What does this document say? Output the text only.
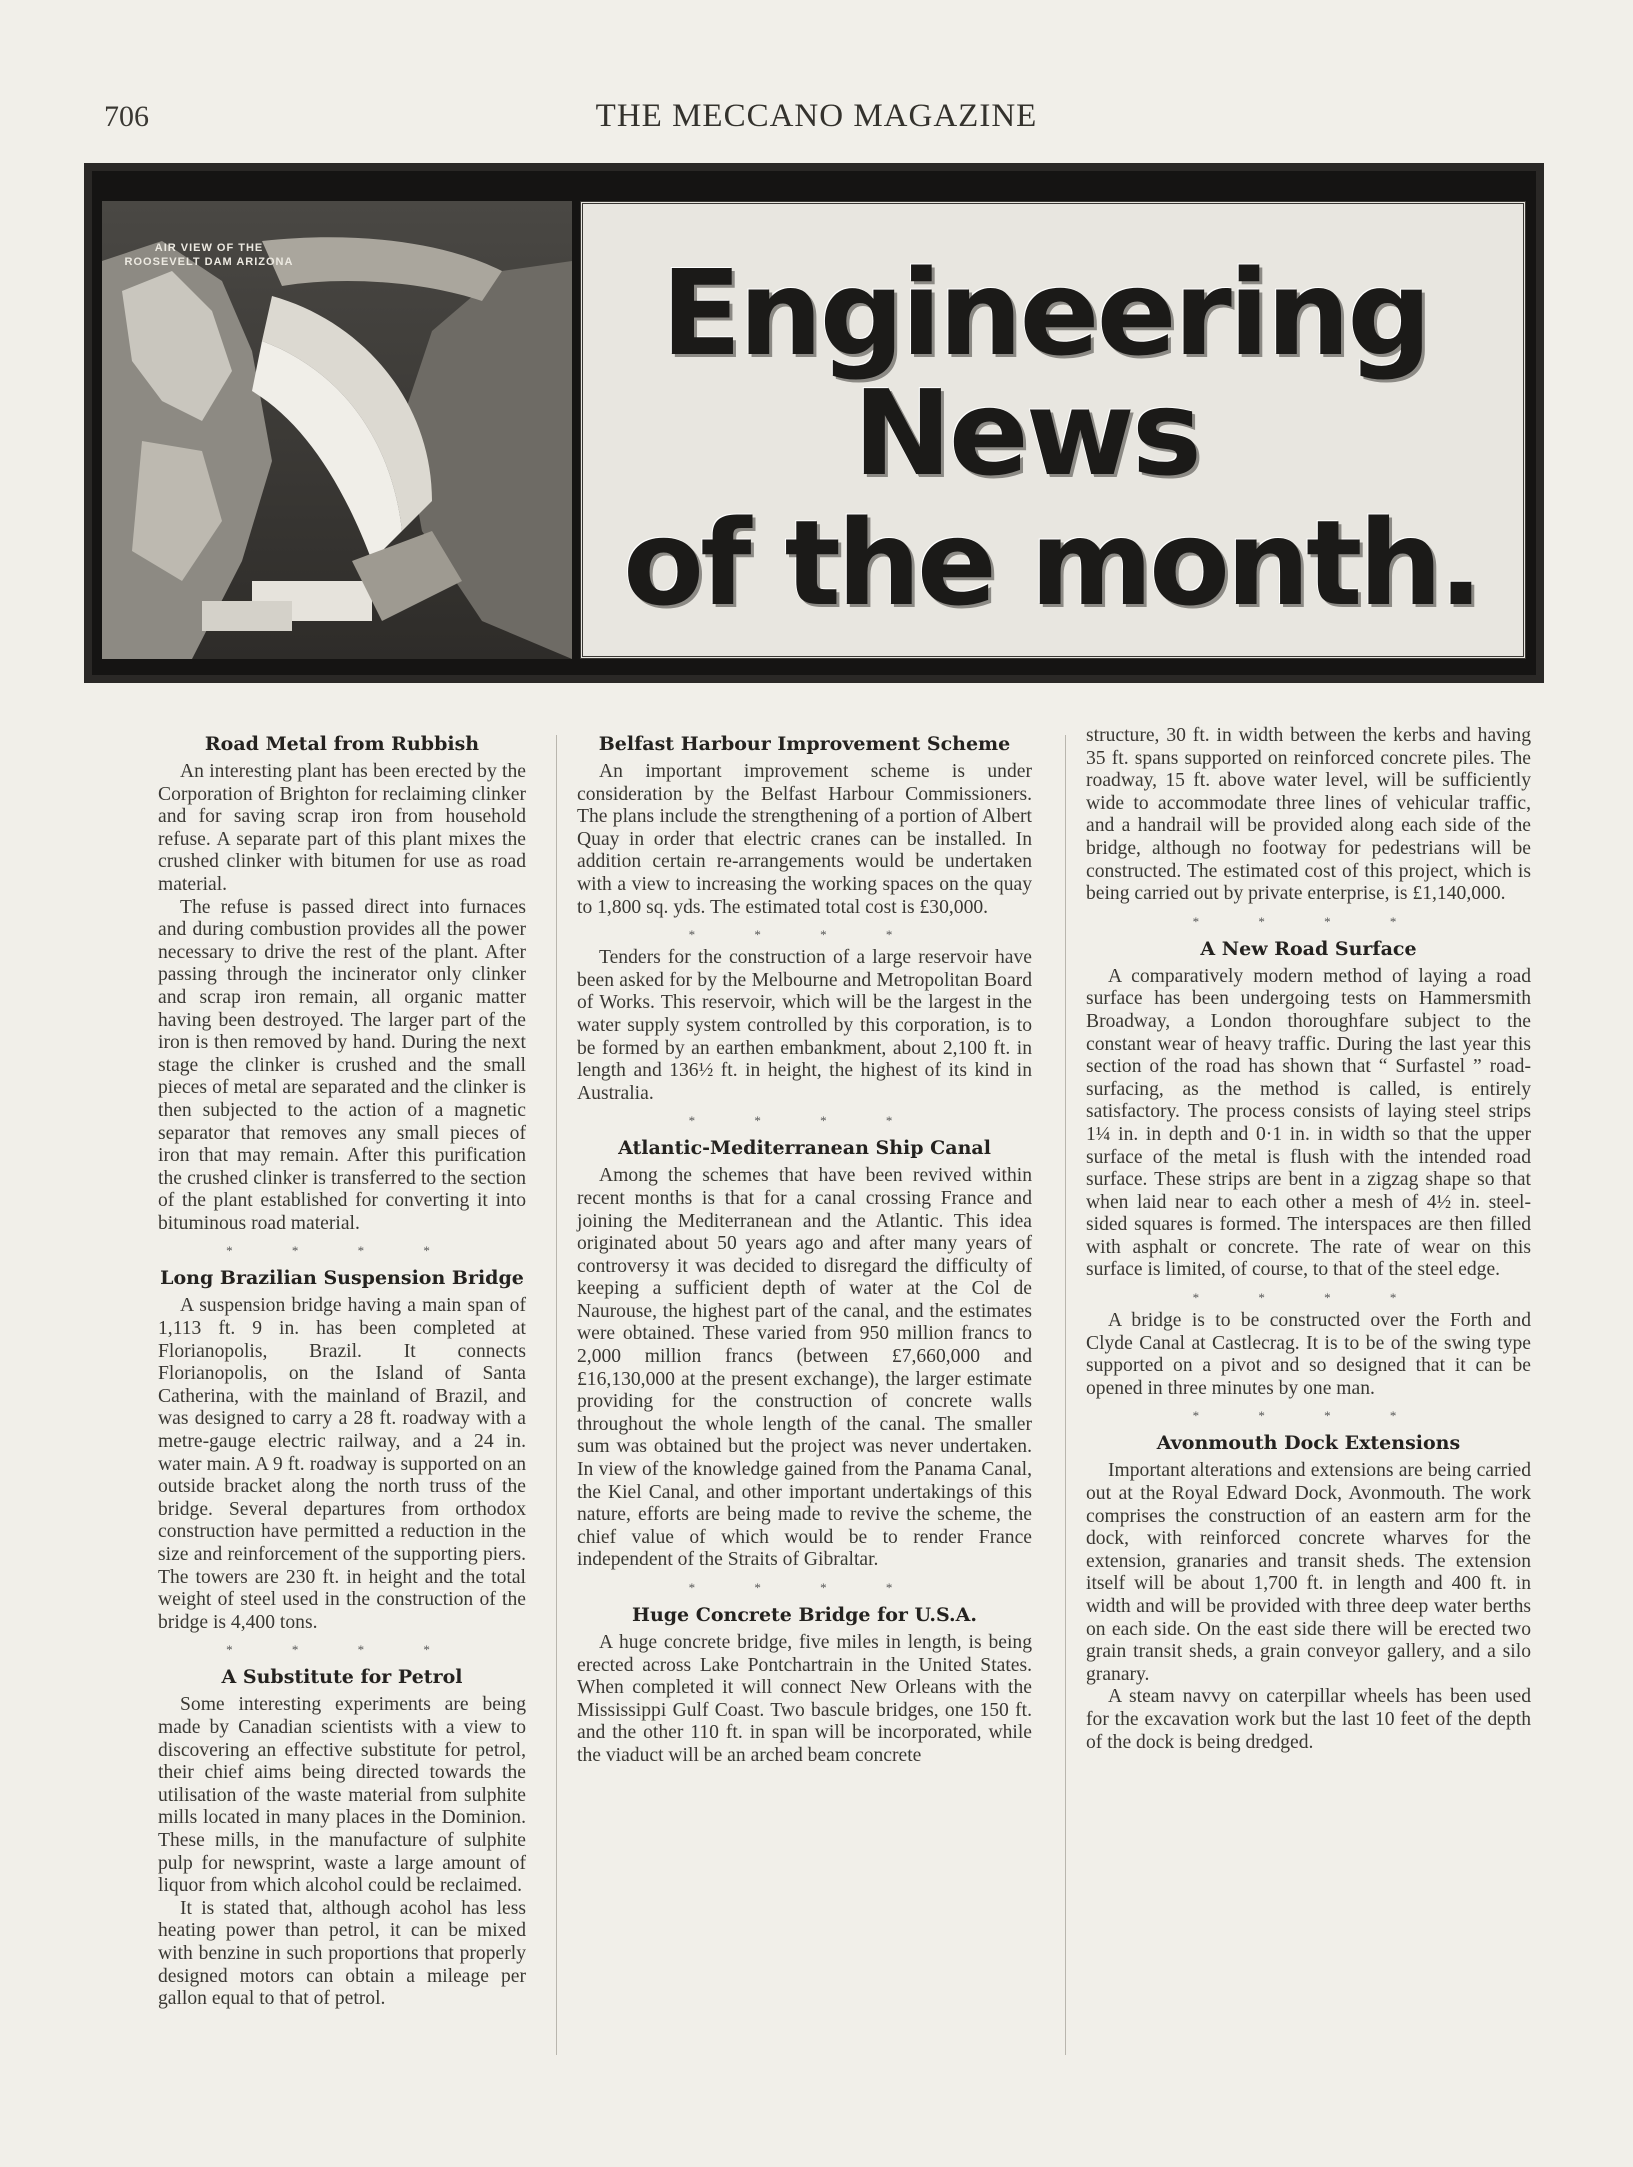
706	THE MECCANO MAGAZINE
AIR VIEW OF THE ROOSEVELT DAM ARIZONA	Engineering
News
of the month.
Road Metal from Rubbish

An interesting plant has been erected by the Corporation of Brighton for reclaiming clinker and for saving scrap iron from household refuse. A separate part of this plant mixes the crushed clinker with bitumen for use as road material.

The refuse is passed direct into furnaces and during combustion provides all the power necessary to drive the rest of the plant. After passing through the incinerator only clinker and scrap iron remain, all organic matter having been destroyed. The larger part of the iron is then removed by hand. During the next stage the clinker is crushed and the small pieces of metal are separated and the clinker is then subjected to the action of a magnetic separator that removes any small pieces of iron that may remain. After this purification the crushed clinker is transferred to the section of the plant established for converting it into bituminous road material.

* * * *
Long Brazilian Suspension Bridge

A suspension bridge having a main span of 1,113 ft. 9 in. has been completed at Florianopolis, Brazil. It connects Florianopolis, on the Island of Santa Catherina, with the mainland of Brazil, and was designed to carry a 28 ft. roadway with a metre-gauge electric railway, and a 24 in. water main. A 9 ft. roadway is supported on an outside bracket along the north truss of the bridge. Several departures from orthodox construction have permitted a reduction in the size and reinforcement of the supporting piers. The towers are 230 ft. in height and the total weight of steel used in the construction of the bridge is 4,400 tons.

* * * *
A Substitute for Petrol

Some interesting experiments are being made by Canadian scientists with a view to discovering an effective substitute for petrol, their chief aims being directed towards the utilisation of the waste material from sulphite mills located in many places in the Dominion. These mills, in the manufacture of sulphite pulp for newsprint, waste a large amount of liquor from which alcohol could be reclaimed.

It is stated that, although acohol has less heating power than petrol, it can be mixed with benzine in such proportions that properly designed motors can obtain a mileage per gallon equal to that of petrol.

Belfast Harbour Improvement Scheme

An important improvement scheme is under consideration by the Belfast Harbour Commissioners. The plans include the strengthening of a portion of Albert Quay in order that electric cranes can be installed. In addition certain re-arrangements would be undertaken with a view to increasing the working spaces on the quay to 1,800 sq. yds. The estimated total cost is £30,000.

* * * *

Tenders for the construction of a large reservoir have been asked for by the Melbourne and Metropolitan Board of Works. This reservoir, which will be the largest in the water supply system controlled by this corporation, is to be formed by an earthen embankment, about 2,100 ft. in length and 136½ ft. in height, the highest of its kind in Australia.

* * * *
Atlantic-Mediterranean Ship Canal

Among the schemes that have been revived within recent months is that for a canal crossing France and joining the Mediterranean and the Atlantic. This idea originated about 50 years ago and after many years of controversy it was decided to disregard the difficulty of keeping a sufficient depth of water at the Col de Naurouse, the highest part of the canal, and the estimates were obtained. These varied from 950 million francs to 2,000 million francs (between £7,660,000 and £16,130,000 at the present exchange), the larger estimate providing for the construction of concrete walls throughout the whole length of the canal. The smaller sum was obtained but the project was never undertaken. In view of the knowledge gained from the Panama Canal, the Kiel Canal, and other important undertakings of this nature, efforts are being made to revive the scheme, the chief value of which would be to render France independent of the Straits of Gibraltar.

* * * *
Huge Concrete Bridge for U.S.A.

A huge concrete bridge, five miles in length, is being erected across Lake Pontchartrain in the United States. When completed it will connect New Orleans with the Mississippi Gulf Coast. Two bascule bridges, one 150 ft. and the other 110 ft. in span will be incorporated, while the viaduct will be an arched beam concrete

structure, 30 ft. in width between the kerbs and having 35 ft. spans supported on reinforced concrete piles. The roadway, 15 ft. above water level, will be sufficiently wide to accommodate three lines of vehicular traffic, and a handrail will be provided along each side of the bridge, although no footway for pedestrians will be constructed. The estimated cost of this project, which is being carried out by private enterprise, is £1,140,000.

* * * *
A New Road Surface

A comparatively modern method of laying a road surface has been undergoing tests on Hammersmith Broadway, a London thoroughfare subject to the constant wear of heavy traffic. During the last year this section of the road has shown that “ Surfastel ” road-surfacing, as the method is called, is entirely satisfactory. The process consists of laying steel strips 1¼ in. in depth and 0·1 in. in width so that the upper surface of the metal is flush with the intended road surface. These strips are bent in a zigzag shape so that when laid near to each other a mesh of 4½ in. steel-sided squares is formed. The interspaces are then filled with asphalt or concrete. The rate of wear on this surface is limited, of course, to that of the steel edge.

* * * *

A bridge is to be constructed over the Forth and Clyde Canal at Castlecrag. It is to be of the swing type supported on a pivot and so designed that it can be opened in three minutes by one man.

* * * *
Avonmouth Dock Extensions

Important alterations and extensions are being carried out at the Royal Edward Dock, Avonmouth. The work comprises the construction of an eastern arm for the dock, with reinforced concrete wharves for the extension, granaries and transit sheds. The extension itself will be about 1,700 ft. in length and 400 ft. in width and will be provided with three deep water berths on each side. On the east side there will be erected two grain transit sheds, a grain conveyor gallery, and a silo granary.

A steam navvy on caterpillar wheels has been used for the excavation work but the last 10 feet of the depth of the dock is being dredged.
